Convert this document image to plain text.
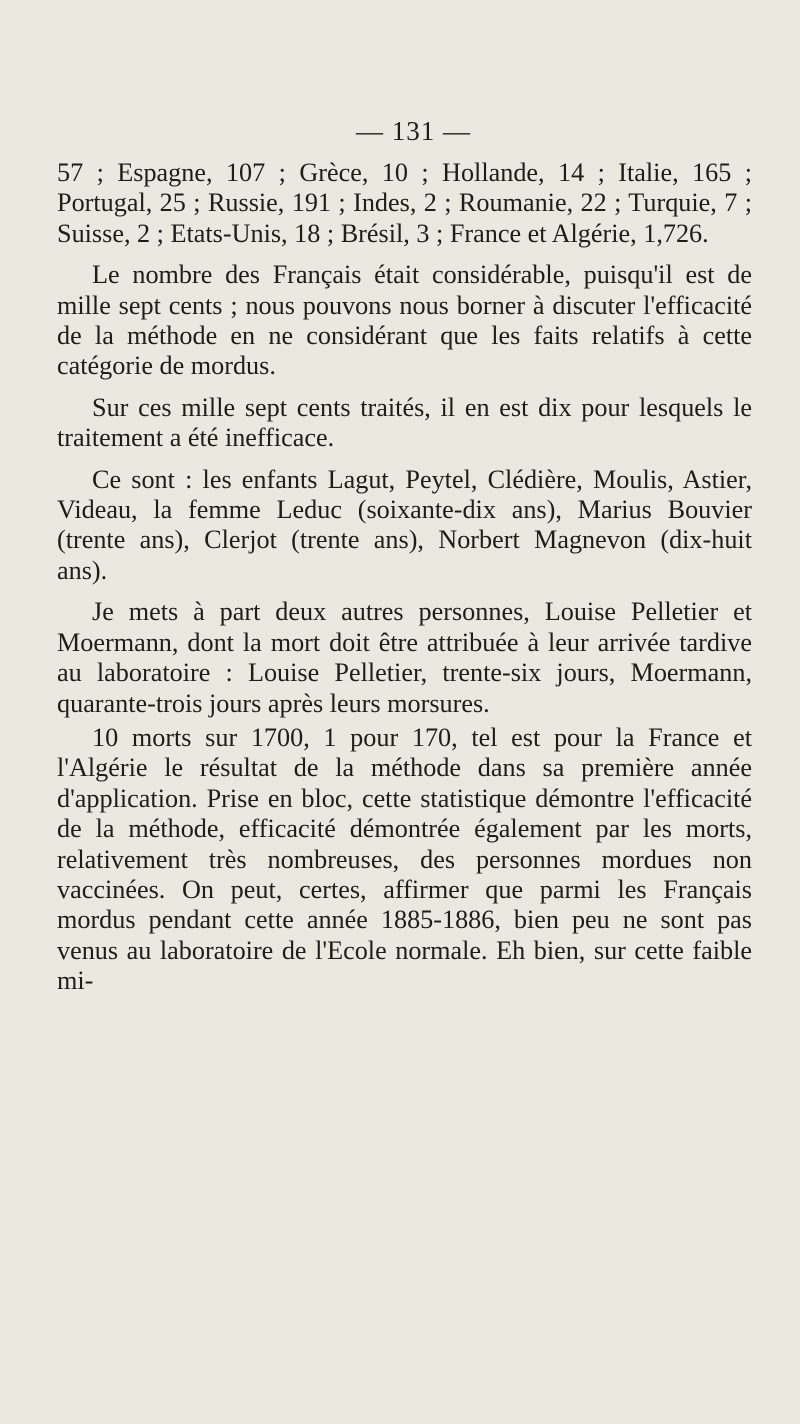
— 131 —

57 ; Espagne, 107 ; Grèce, 10 ; Hollande, 14 ; Italie, 165 ; Portugal, 25 ; Russie, 191 ; Indes, 2 ; Roumanie, 22 ; Turquie, 7 ; Suisse, 2 ; Etats-Unis, 18 ; Brésil, 3 ; France et Algérie, 1,726.

Le nombre des Français était considérable, puisqu'il est de mille sept cents ; nous pouvons nous borner à discuter l'efficacité de la méthode en ne considérant que les faits relatifs à cette catégorie de mordus.

Sur ces mille sept cents traités, il en est dix pour lesquels le traitement a été inefficace.

Ce sont : les enfants Lagut, Peytel, Clédière, Moulis, Astier, Videau, la femme Leduc (soixante-dix ans), Marius Bouvier (trente ans), Clerjot (trente ans), Norbert Magnevon (dix-huit ans).

Je mets à part deux autres personnes, Louise Pelletier et Moermann, dont la mort doit être attribuée à leur arrivée tardive au laboratoire : Louise Pelletier, trente-six jours, Moermann, quarante-trois jours après leurs morsures.

10 morts sur 1700, 1 pour 170, tel est pour la France et l'Algérie le résultat de la méthode dans sa première année d'application. Prise en bloc, cette statistique démontre l'efficacité de la méthode, efficacité démontrée également par les morts, relativement très nombreuses, des personnes mordues non vaccinées. On peut, certes, affirmer que parmi les Français mordus pendant cette année 1885-1886, bien peu ne sont pas venus au laboratoire de l'Ecole normale. Eh bien, sur cette faible mi-
